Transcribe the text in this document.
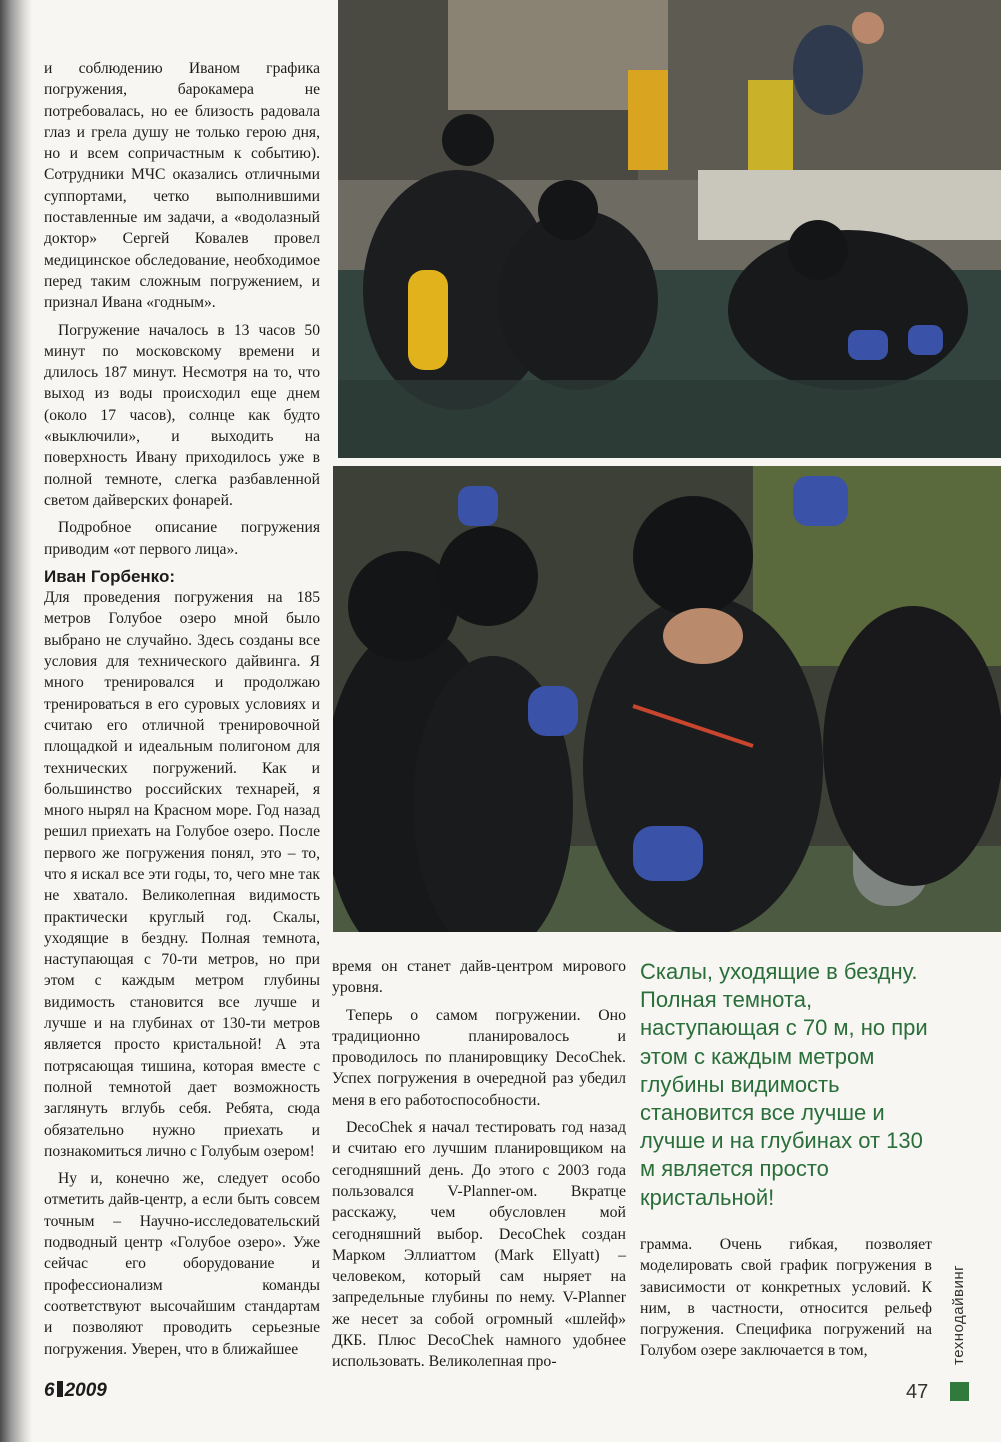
и соблюдению Иваном графика погружения, барокамера не потребовалась, но ее близость радовала глаз и грела душу не только герою дня, но и всем сопричастным к событию). Сотрудники МЧС оказались отличными суппортами, четко выполнившими поставленные им задачи, а «водолазный доктор» Сергей Ковалев провел медицинское обследование, необходимое перед таким сложным погружением, и признал Ивана «годным».

Погружение началось в 13 часов 50 минут по московскому времени и длилось 187 минут. Несмотря на то, что выход из воды происходил еще днем (около 17 часов), солнце как будто «выключили», и выходить на поверхность Ивану приходилось уже в полной темноте, слегка разбавленной светом дайверских фонарей.

Подробное описание погружения приводим «от первого лица».

Иван Горбенко:

Для проведения погружения на 185 метров Голубое озеро мной было выбрано не случайно. Здесь созданы все условия для технического дайвинга. Я много тренировался и продолжаю тренироваться в его суровых условиях и считаю его отличной тренировочной площадкой и идеальным полигоном для технических погружений. Как и большинство российских технарей, я много нырял на Красном море. Год назад решил приехать на Голубое озеро. После первого же погружения понял, это – то, что я искал все эти годы, то, чего мне так не хватало. Великолепная видимость практически круглый год. Скалы, уходящие в бездну. Полная темнота, наступающая с 70-ти метров, но при этом с каждым метром глубины видимость становится все лучше и лучше и на глубинах от 130-ти метров является просто кристальной! А эта потрясающая тишина, которая вместе с полной темнотой дает возможность заглянуть вглубь себя. Ребята, сюда обязательно нужно приехать и познакомиться лично с Голубым озером!

Ну и, конечно же, следует особо отметить дайв-центр, а если быть совсем точным – Научно-исследовательский подводный центр «Голубое озеро». Уже сейчас его оборудование и профессионализм команды соответствуют высочайшим стандартам и позволяют проводить серьезные погружения. Уверен, что в ближайшее

время он станет дайв-центром мирового уровня.

Теперь о самом погружении. Оно традиционно планировалось и проводилось по планировщику DecoChek. Успех погружения в очередной раз убедил меня в его работоспособности.

DecoChek я начал тестировать год назад и считаю его лучшим планировщиком на сегодняшний день. До этого с 2003 года пользовался V-Planner-ом. Вкратце расскажу, чем обусловлен мой сегодняшний выбор. DecoChek создан Марком Эллиаттом (Mark Ellyatt) – человеком, который сам ныряет на запредельные глубины по нему. V-Planner же несет за собой огромный «шлейф» ДКБ. Плюс DecoChek намного удобнее использовать. Великолепная про-

Скалы, уходящие в бездну. Полная темнота, наступающая с 70 м, но при этом с каждым метром глубины видимость становится все лучше и лучше и на глубинах от 130 м является просто кристальной!

грамма. Очень гибкая, позволяет моделировать свой график погружения в зависимости от конкретных условий. К ним, в частности, относится рельеф погружения. Специфика погружений на Голубом озере заключается в том,	технодайвинг
6 2009	47
